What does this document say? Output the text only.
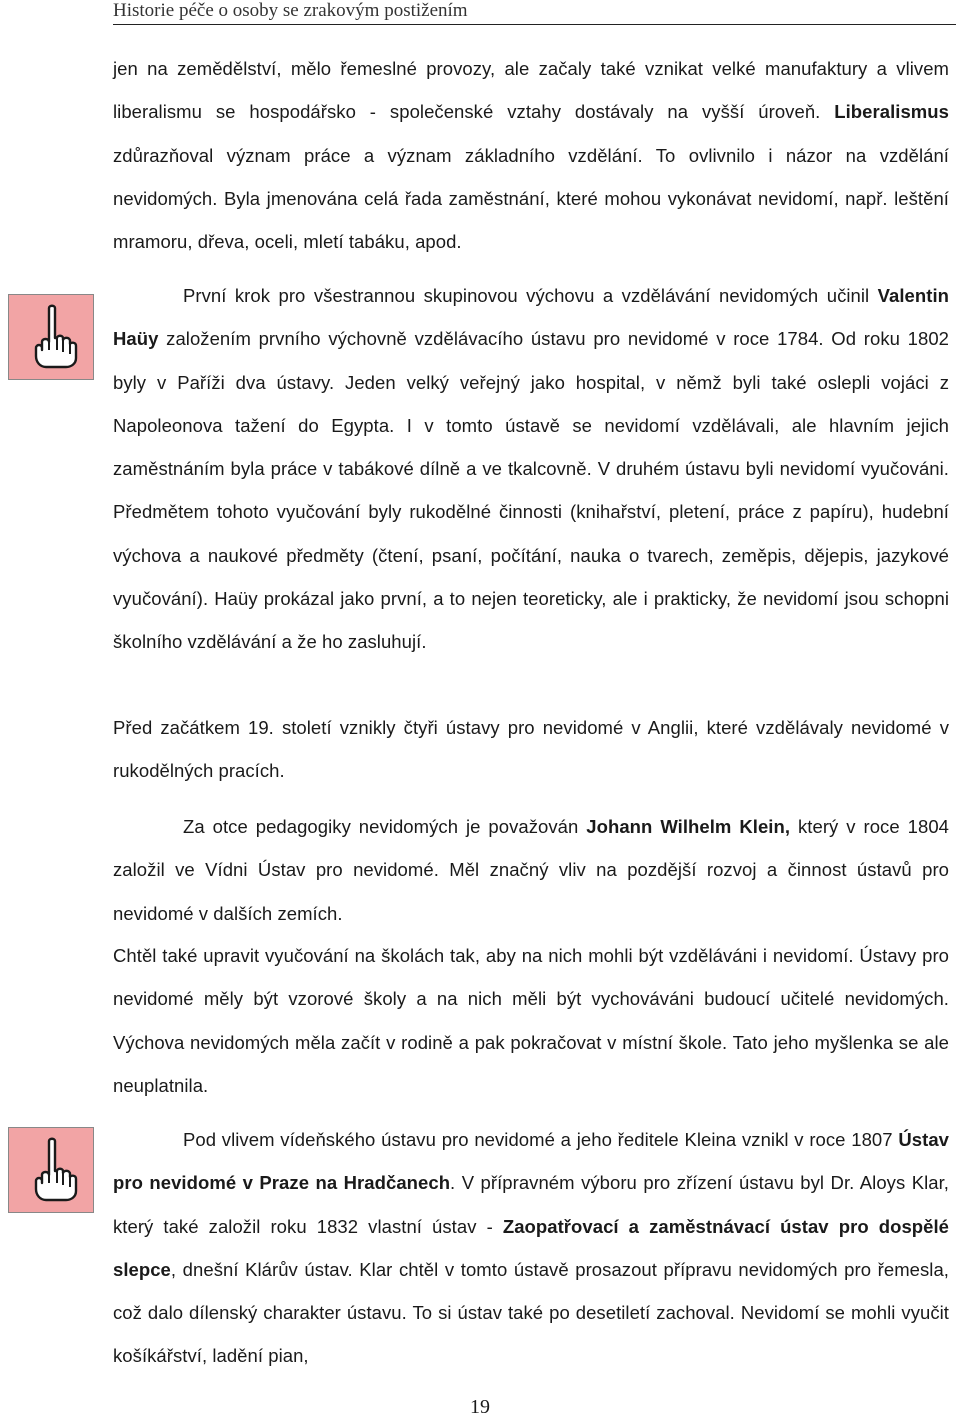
Historie péče o osoby se zrakovým postižením

jen na zemědělství, mělo řemeslné provozy, ale začaly také vznikat velké manufaktury a vlivem liberalismu se hospodářsko - společenské vztahy dostávaly na vyšší úroveň. Liberalismus zdůrazňoval význam práce a význam základního vzdělání. To ovlivnilo i názor na vzdělání nevidomých. Byla jmenována celá řada zaměstnání, které mohou vykonávat nevidomí, např. leštění mramoru, dřeva, oceli, mletí tabáku, apod.

První krok pro všestrannou skupinovou výchovu a vzdělávání nevidomých učinil Valentin Haüy založením prvního výchovně vzdělávacího ústavu pro nevidomé v roce 1784. Od roku 1802 byly v Paříži dva ústavy. Jeden velký veřejný jako hospital, v němž byli také oslepli vojáci z Napoleonova tažení do Egypta. I v tomto ústavě se nevidomí vzdělávali, ale hlavním jejich zaměstnáním byla práce v tabákové dílně a ve tkalcovně. V druhém ústavu byli nevidomí vyučováni. Předmětem tohoto vyučování byly rukodělné činnosti (knihařství, pletení, práce z papíru), hudební výchova a naukové předměty (čtení, psaní, počítání, nauka o tvarech, zeměpis, dějepis, jazykové vyučování). Haüy prokázal jako první, a to nejen teoreticky, ale i prakticky, že nevidomí jsou schopni školního vzdělávání a že ho zasluhují.

Před začátkem 19. století vznikly čtyři ústavy pro nevidomé v Anglii, které vzdělávaly nevidomé v rukodělných pracích.

Za otce pedagogiky nevidomých je považován Johann Wilhelm Klein, který v roce 1804 založil ve Vídni Ústav pro nevidomé. Měl značný vliv na pozdější rozvoj a činnost ústavů pro nevidomé v dalších zemích.

Chtěl také upravit vyučování na školách tak, aby na nich mohli být vzděláváni i nevidomí. Ústavy pro nevidomé měly být vzorové školy a na nich měli být vychováváni budoucí učitelé nevidomých. Výchova nevidomých měla začít v rodině a pak pokračovat v místní škole. Tato jeho myšlenka se ale neuplatnila.

Pod vlivem vídeňského ústavu pro nevidomé a jeho ředitele Kleina vznikl v roce 1807 Ústav pro nevidomé v Praze na Hradčanech. V přípravném výboru pro zřízení ústavu byl Dr. Aloys Klar, který také založil roku 1832 vlastní ústav - Zaopatřovací a zaměstnávací ústav pro dospělé slepce, dnešní Klárův ústav. Klar chtěl v tomto ústavě prosazout přípravu nevidomých pro řemesla, což dalo dílenský charakter ústavu. To si ústav také po desetiletí zachoval. Nevidomí se mohli vyučit košíkářství, ladění pian,

19
